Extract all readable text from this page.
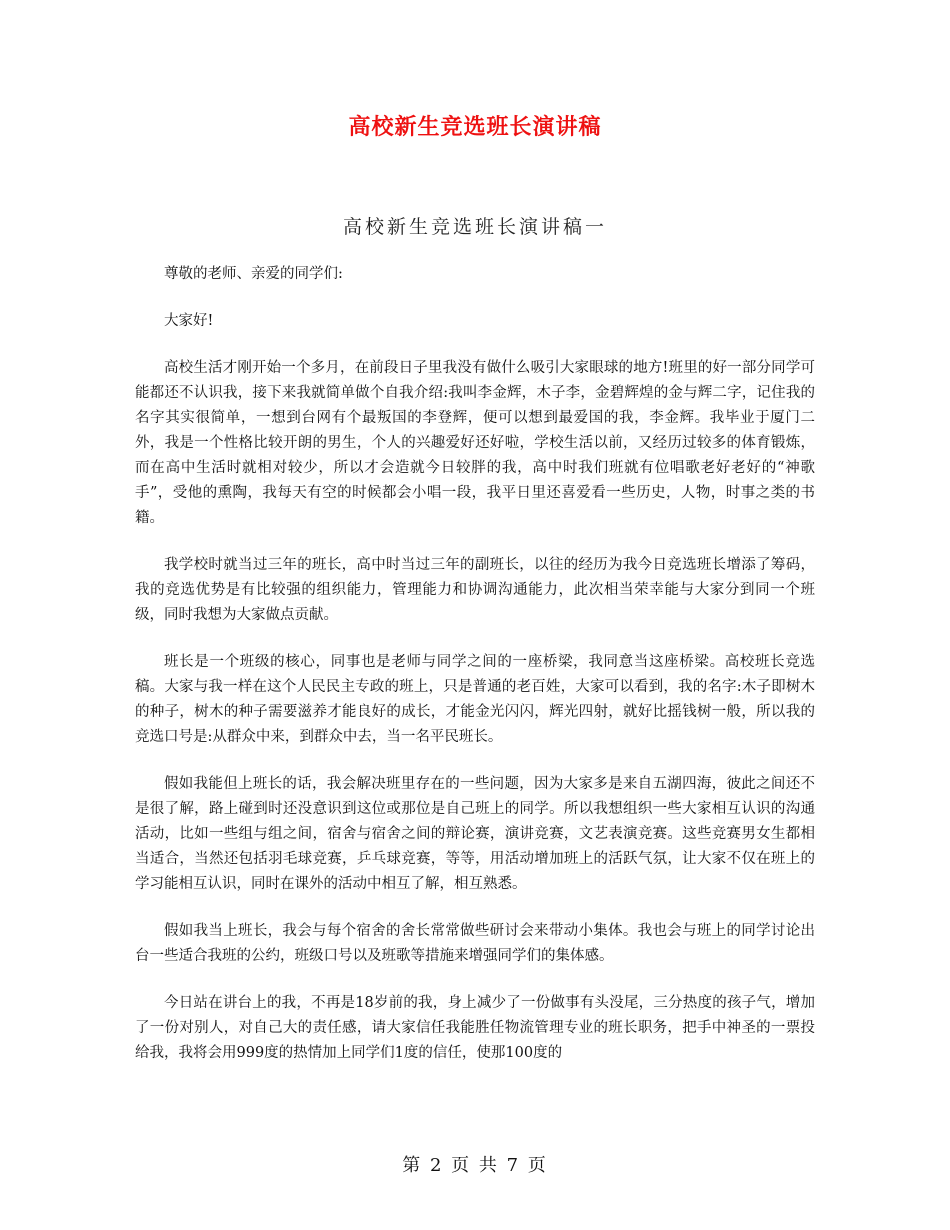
高校新生竞选班长演讲稿
高校新生竞选班长演讲稿一

尊敬的老师、亲爱的同学们:

大家好!

高校生活才刚开始一个多月，在前段日子里我没有做什么吸引大家眼球的地方!班里的好一部分同学可能都还不认识我，接下来我就简单做个自我介绍:我叫李金辉，木子李，金碧辉煌的金与辉二字，记住我的名字其实很简单，一想到台网有个最叛国的李登辉，便可以想到最爱国的我，李金辉。我毕业于厦门二外，我是一个性格比较开朗的男生，个人的兴趣爱好还好啦，学校生活以前，又经历过较多的体育锻炼，而在高中生活时就相对较少，所以才会造就今日较胖的我，高中时我们班就有位唱歌老好老好的“神歌手”，受他的熏陶，我每天有空的时候都会小唱一段，我平日里还喜爱看一些历史，人物，时事之类的书籍。

我学校时就当过三年的班长，高中时当过三年的副班长，以往的经历为我今日竞选班长增添了筹码，我的竞选优势是有比较强的组织能力，管理能力和协调沟通能力，此次相当荣幸能与大家分到同一个班级，同时我想为大家做点贡献。

班长是一个班级的核心，同事也是老师与同学之间的一座桥梁，我同意当这座桥梁。高校班长竞选稿。大家与我一样在这个人民民主专政的班上，只是普通的老百姓，大家可以看到，我的名字:木子即树木的种子，树木的种子需要滋养才能良好的成长，才能金光闪闪，辉光四射，就好比摇钱树一般，所以我的竞选口号是:从群众中来，到群众中去，当一名平民班长。

假如我能但上班长的话，我会解决班里存在的一些问题，因为大家多是来自五湖四海，彼此之间还不是很了解，路上碰到时还没意识到这位或那位是自己班上的同学。所以我想组织一些大家相互认识的沟通活动，比如一些组与组之间，宿舍与宿舍之间的辩论赛，演讲竞赛，文艺表演竞赛。这些竞赛男女生都相当适合，当然还包括羽毛球竞赛，乒乓球竞赛，等等，用活动增加班上的活跃气氛，让大家不仅在班上的学习能相互认识，同时在课外的活动中相互了解，相互熟悉。

假如我当上班长，我会与每个宿舍的舍长常常做些研讨会来带动小集体。我也会与班上的同学讨论出台一些适合我班的公约，班级口号以及班歌等措施来增强同学们的集体感。

今日站在讲台上的我，不再是18岁前的我，身上减少了一份做事有头没尾，三分热度的孩子气，增加了一份对别人，对自己大的责任感，请大家信任我能胜任物流管理专业的班长职务，把手中神圣的一票投给我，我将会用999度的热情加上同学们1度的信任，使那100度的

第 2 页 共 7 页
